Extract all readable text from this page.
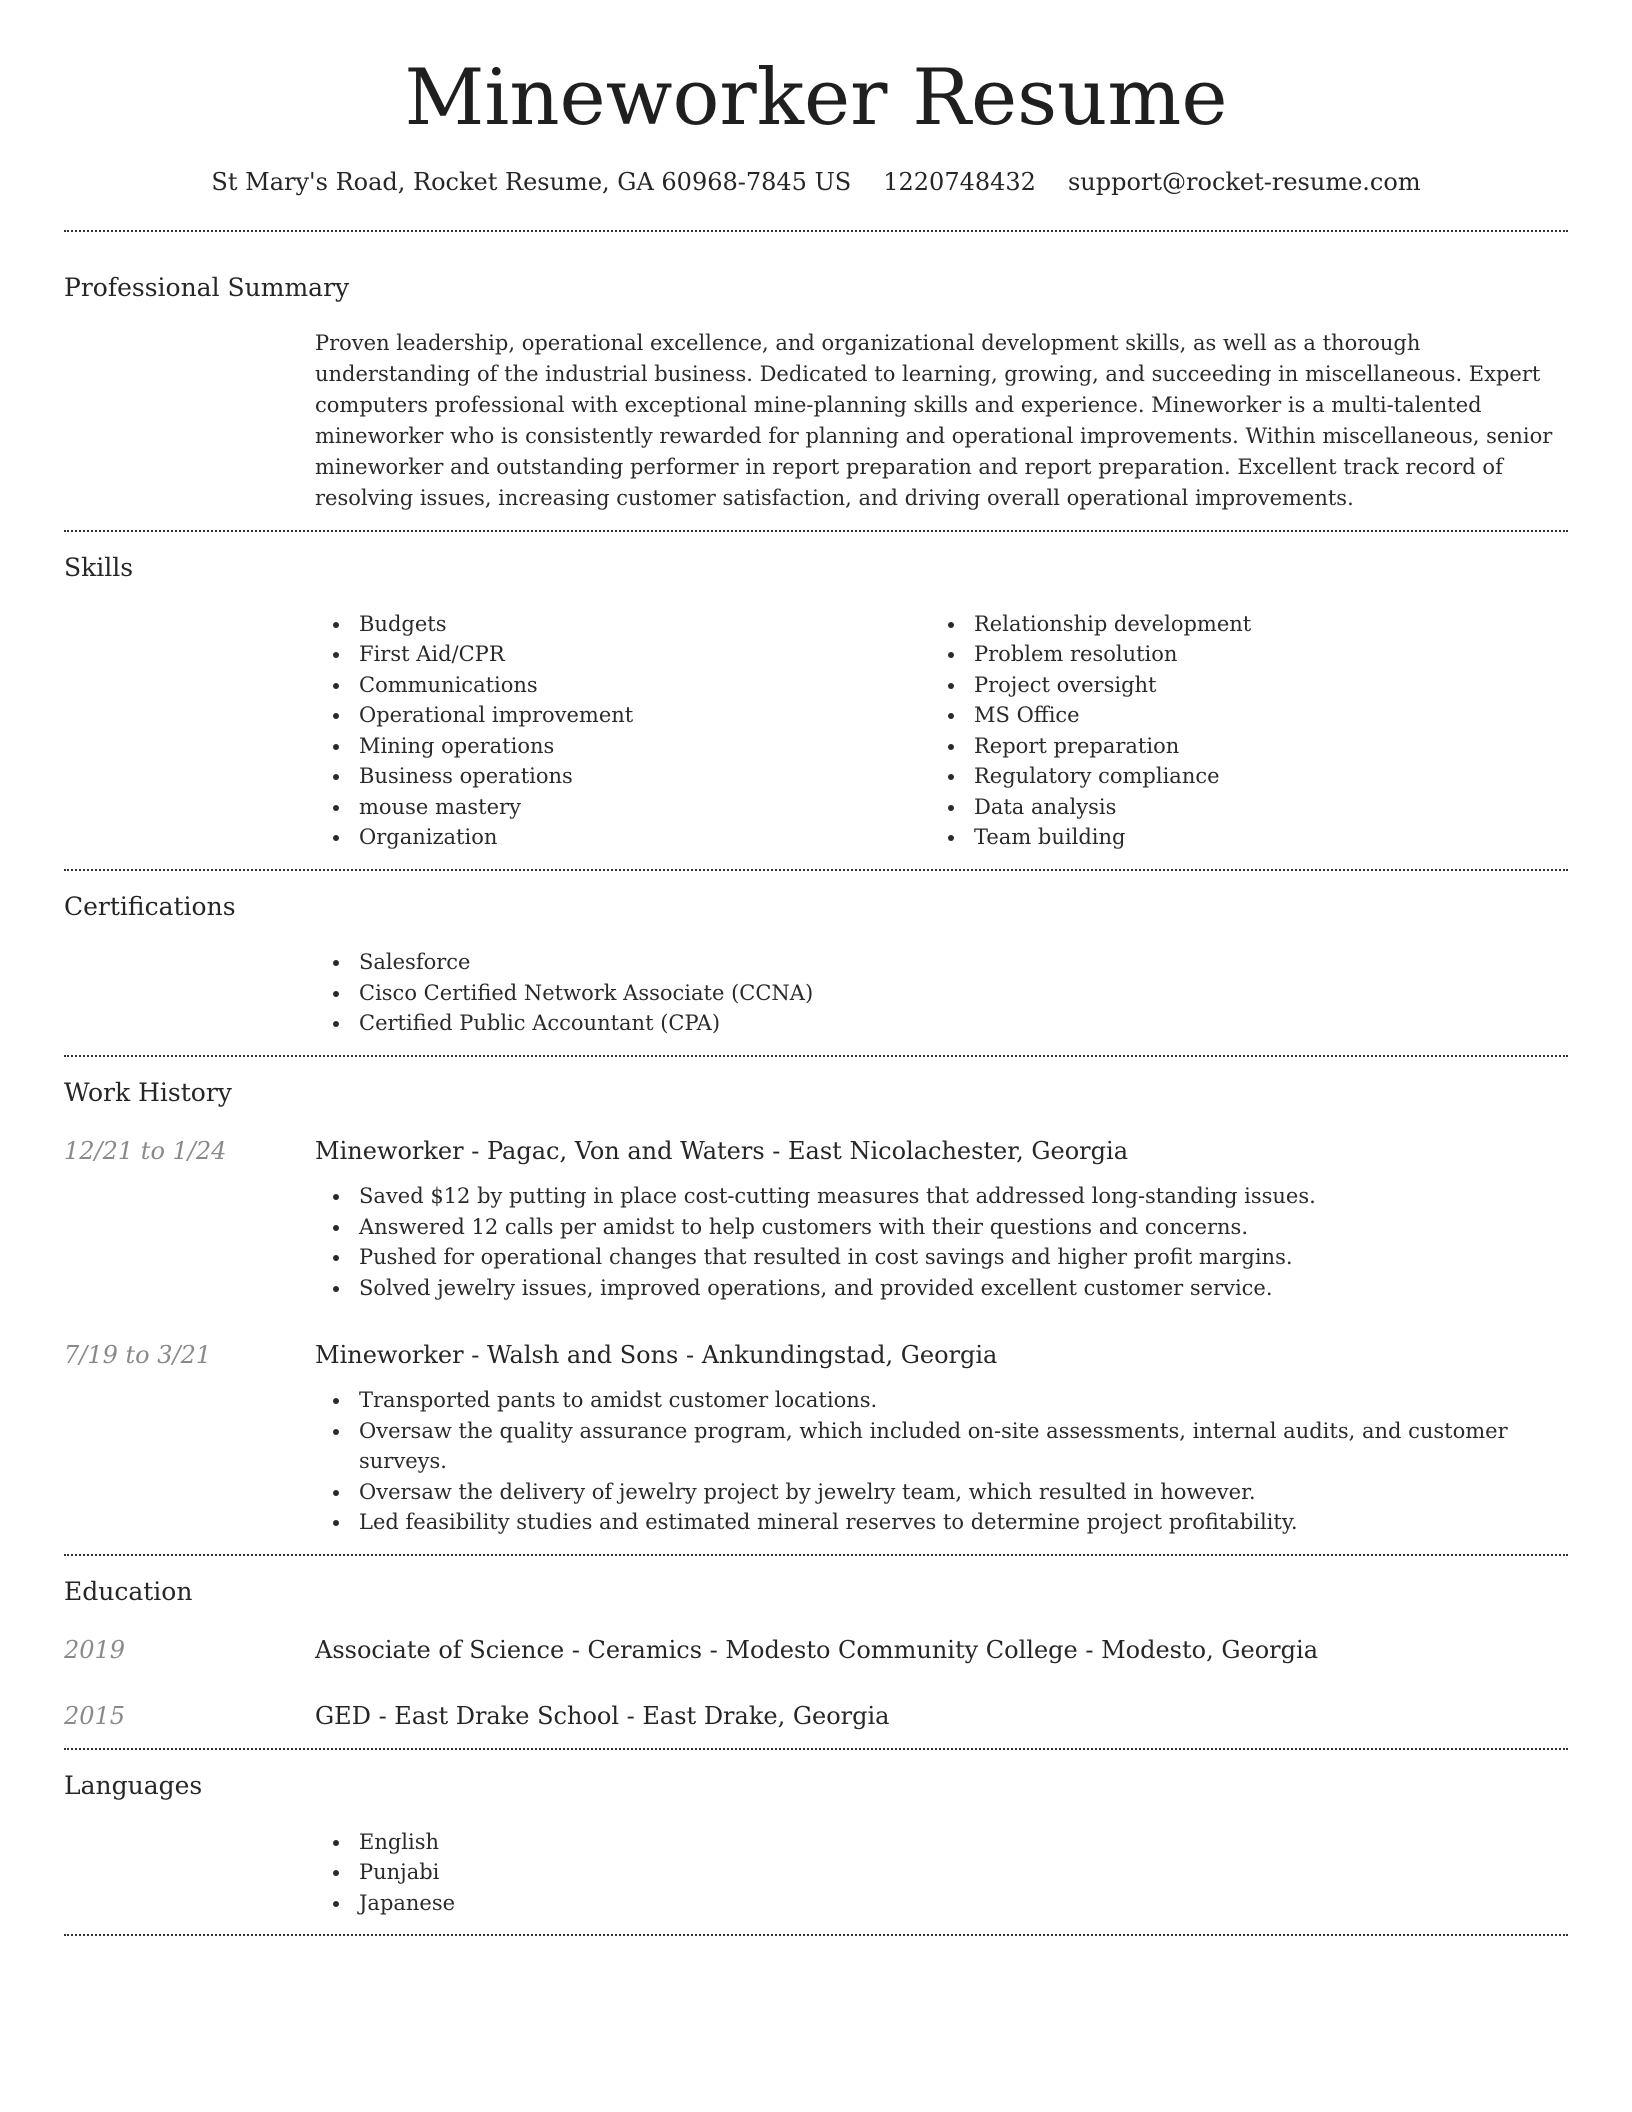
Mineworker Resume
St Mary's Road, Rocket Resume, GA 60968-7845 US 1220748432 support@rocket-resume.com
Professional Summary

Proven leadership, operational excellence, and organizational development skills, as well as a thorough understanding of the industrial business. Dedicated to learning, growing, and succeeding in miscellaneous. Expert computers professional with exceptional mine-planning skills and experience. Mineworker is a multi-talented mineworker who is consistently rewarded for planning and operational improvements. Within miscellaneous, senior mineworker and outstanding performer in report preparation and report preparation. Excellent track record of resolving issues, increasing customer satisfaction, and driving overall operational improvements.

Skills
Budgets
First Aid/CPR
Communications
Operational improvement
Mining operations
Business operations
mouse mastery
Organization
Relationship development
Problem resolution
Project oversight
MS Office
Report preparation
Regulatory compliance
Data analysis
Team building
Certifications
Salesforce
Cisco Certified Network Associate (CCNA)
Certified Public Accountant (CPA)
Work History
12/21 to 1/24	Mineworker - Pagac, Von and Waters - East Nicolachester, Georgia
Saved $12 by putting in place cost-cutting measures that addressed long-standing issues.
Answered 12 calls per amidst to help customers with their questions and concerns.
Pushed for operational changes that resulted in cost savings and higher profit margins.
Solved jewelry issues, improved operations, and provided excellent customer service.
7/19 to 3/21	Mineworker - Walsh and Sons - Ankundingstad, Georgia
Transported pants to amidst customer locations.
Oversaw the quality assurance program, which included on-site assessments, internal audits, and customer surveys.
Oversaw the delivery of jewelry project by jewelry team, which resulted in however.
Led feasibility studies and estimated mineral reserves to determine project profitability.
Education
2019	Associate of Science - Ceramics - Modesto Community College - Modesto, Georgia
2015	GED - East Drake School - East Drake, Georgia
Languages
English
Punjabi
Japanese
